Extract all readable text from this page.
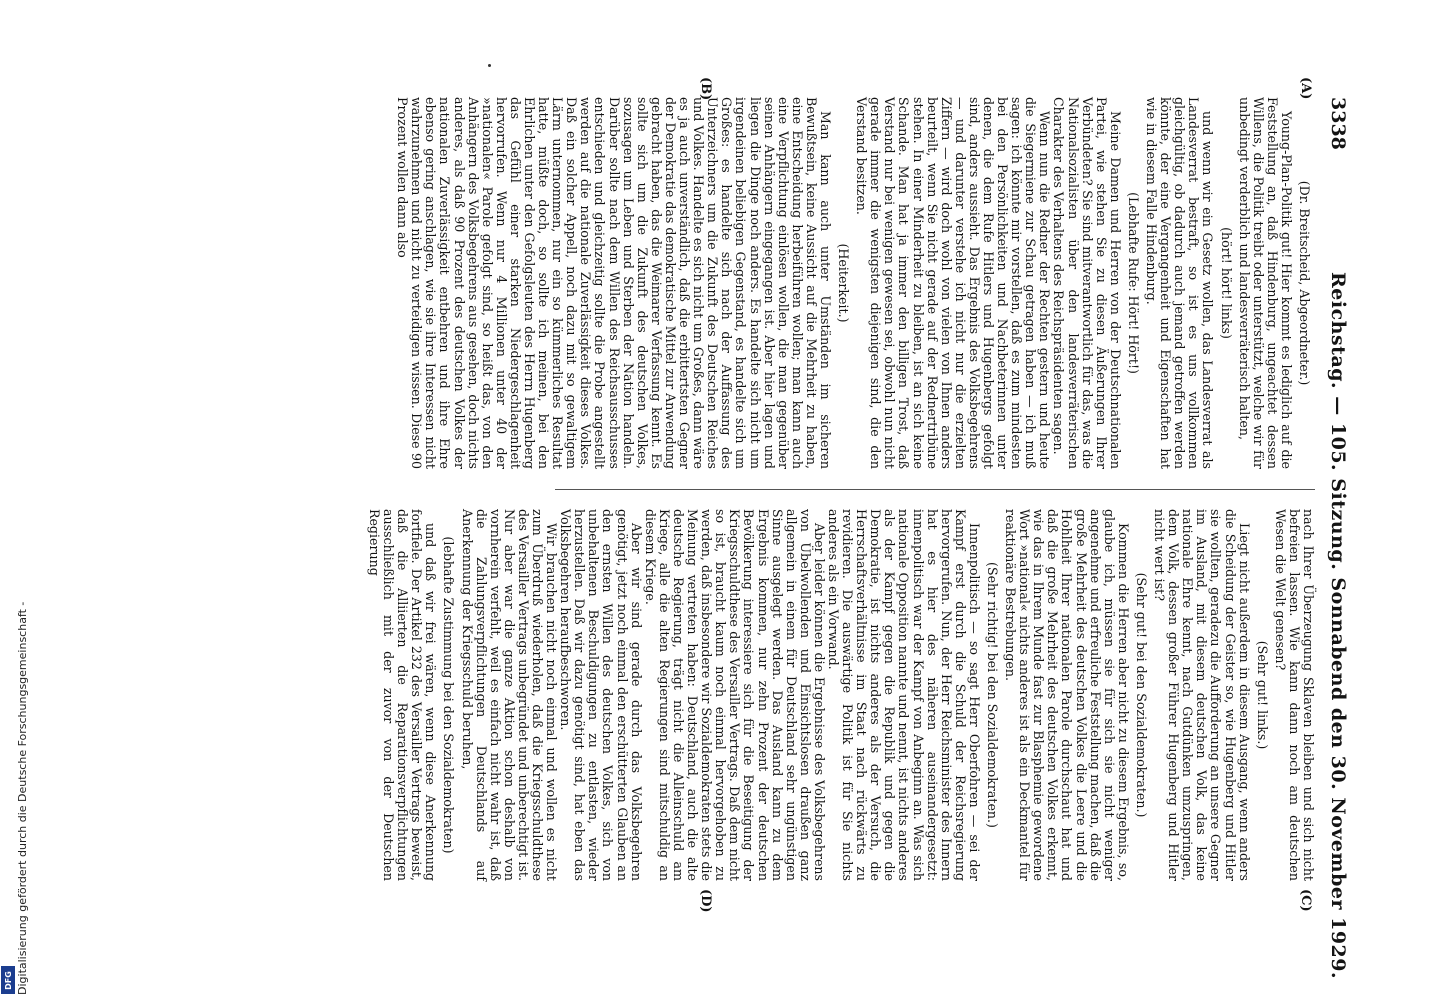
3338
Reichstag. — 105. Sitzung. Sonnabend den 30. November 1929.
(A)
(B)
(C)
(D)

(Dr. Breitscheid, Abgeordneter.)

Young-Plan-Politik gut! Hier kommt es lediglich auf die Feststellung an, daß Hindenburg, ungeachtet dessen Willens, die Politik treibt oder unterstützt, welche wir für unbedingt verderblich und landesverräterisch halten,

(hört! hört! links)

und wenn wir ein Gesetz wollen, das Landesverrat als Landesverrat bestraft, so ist es uns vollkommen gleichgültig, ob dadurch auch jemand getroffen werden könnte, der eine Vergangenheit und Eigenschaften hat wie in diesem Falle Hindenburg.

(Lebhafte Rufe: Hört! Hört!)

Meine Damen und Herren von der Deutschnationalen Partei, wie stehen Sie zu diesen Äußerungen Ihrer Verbündeten? Sie sind mitverantwortlich für das, was die Nationalsozialisten über den landesverräterischen Charakter des Verhaltens des Reichspräsidenten sagen.

Wenn nun die Redner der Rechten gestern und heute die Siegermiene zur Schau getragen haben — ich muß sagen: ich könnte mir vorstellen, daß es zum mindesten bei den Persönlichkeiten und Nachbeterinnen unter denen, die dem Rufe Hitlers und Hugenbergs gefolgt sind, anders aussieht. Das Ergebnis des Volksbegehrens — und darunter verstehe ich nicht nur die erzielten Ziffern — wird doch wohl von vielen von Ihnen anders beurteilt, wenn Sie nicht gerade auf der Rednertribüne stehen. In einer Minderheit zu bleiben, ist an sich keine Schande. Man hat ja immer den billigen Trost, daß Verstand nur bei wenigen gewesen sei, obwohl nun nicht gerade immer die wenigsten diejenigen sind, die den Verstand besitzen.

(Heiterkeit.)

Man kann auch unter Umständen im sicheren Bewußtsein, keine Aussicht auf die Mehrheit zu haben, eine Entscheidung herbeiführen wollen; man kann auch eine Verpflichtung einlösen wollen, die man gegenüber seinen Anhängern eingegangen ist. Aber hier lagen und liegen die Dinge noch anders. Es handelte sich nicht um irgendeinen beliebigen Gegenstand, es handelte sich um Großes: es handelte sich nach der Auffassung des Unterzeichners um die Zukunft des Deutschen Reiches und Volkes. Handelte es sich nicht um Großes, dann wäre es ja auch unverständlich, daß die erbittertsten Gegner der Demokratie das demokratische Mittel zur Anwendung gebracht haben, das die Weimarer Verfassung kennt. Es sollte sich um die Zukunft des deutschen Volkes, sozusagen um Leben und Sterben der Nation handeln. Darüber sollte nach dem Willen des Reichsausschusses entschieden und gleichzeitig sollte die Probe angestellt werden auf die nationale Zuverlässigkeit dieses Volkes. Daß ein solcher Appell, noch dazu mit so gewaltigem Lärm unternommen, nur ein so kümmerliches Resultat hatte, müßte doch, so sollte ich meinen, bei den Ehrlichen unter den Gefolgsleuten des Herrn Hugenberg das Gefühl einer starken Niedergeschlagenheit hervorrufen. Wenn nur 4 Millionen unter 40 der »nationalen« Parole gefolgt sind, so heißt das, von den Anhängern des Volksbegehrens aus gesehen, doch nichts anderes, als daß 90 Prozent des deutschen Volkes der nationalen Zuverlässigkeit entbehren und ihre Ehre ebenso gering anschlagen, wie sie ihre Interessen nicht wahrzunehmen und nicht zu verteidigen wissen. Diese 90 Prozent wollen dann also

nach Ihrer Überzeugung Sklaven bleiben und sich nicht befreien lassen. Wie kann dann noch am deutschen Wesen die Welt genesen?

(Sehr gut! links.)

Liegt nicht außerdem in diesem Ausgang, wenn anders die Scheidung der Geister so, wie Hugenberg und Hitler sie wollten, geradezu die Aufforderung an unsere Gegner im Ausland, mit diesem deutschen Volk, das keine nationale Ehre kennt, nach Gutdünken umzuspringen, dem Volk, dessen großer Führer Hugenberg und Hitler nicht wert ist?

(Sehr gut! bei den Sozialdemokraten.)

Kommen die Herren aber nicht zu diesem Ergebnis, so, glaube ich, müssen sie für sich sie nicht weniger angenehme und erfreuliche Feststellung machen, daß die große Mehrheit des deutschen Volkes die Leere und die Hohlheit Ihrer nationalen Parole durchschaut hat und daß die große Mehrheit des deutschen Volkes erkennt, wie das in Ihrem Munde fast zur Blasphemie gewordene Wort »national« nichts anderes ist als ein Deckmantel für reaktionäre Bestrebungen.

(Sehr richtig! bei den Sozialdemokraten.)

Innenpolitisch — so sagt Herr Oberfohren — sei der Kampf erst durch die Schuld der Reichsregierung hervorgerufen. Nun, der Herr Reichsminister des Innern hat es hier des näheren auseinandergesetzt: innenpolitisch war der Kampf von Anbeginn an. Was sich nationale Opposition nannte und nennt, ist nichts anderes als der Kampf gegen die Republik und gegen die Demokratie, ist nichts anderes als der Versuch, die Herrschaftsverhältnisse im Staat nach rückwärts zu revidieren. Die auswärtige Politik ist für Sie nichts anderes als ein Vorwand.

Aber leider können die Ergebnisse des Volksbegehrens von Übelwollenden und Einsichtslosen draußen ganz allgemein in einem für Deutschland sehr ungünstigen Sinne ausgelegt werden. Das Ausland kann zu dem Ergebnis kommen, nur zehn Prozent der deutschen Bevölkerung interessiere sich für die Beseitigung der Kriegsschuldthese des Versailler Vertrags. Daß dem nicht so ist, braucht kaum noch einmal hervorgehoben zu werden, daß insbesondere wir Sozialdemokraten stets die Meinung vertreten haben: Deutschland, auch die alte deutsche Regierung, trägt nicht die Alleinschuld am Kriege, alle die alten Regierungen sind mitschuldig an diesem Kriege.

Aber wir sind gerade durch das Volksbegehren genötigt, jetzt noch einmal den erschütterten Glauben an den ernsten Willen des deutschen Volkes, sich von unbehaltenen Beschuldigungen zu entlasten, wieder herzustellen. Daß wir dazu genötigt sind, hat eben das Volksbegehren heraufbeschworen.

Wir brauchen nicht noch einmal und wollen es nicht zum Überdruß wiederholen, daß die Kriegsschuldthese des Versailler Vertrags unbegründet und unberechtigt ist. Nur aber war die ganze Aktion schon deshalb von vornherein verfehlt, weil es einfach nicht wahr ist, daß die Zahlungsverpflichtungen Deutschlands auf Anerkennung der Kriegsschuld beruhen,

(lebhafte Zustimmung bei den Sozialdemokraten)

und daß wir frei wären, wenn diese Anerkennung fortfiele. Der Artikel 232 des Versailler Vertrags beweist, daß die Alliierten die Reparationsverpflichtungen ausschließlich mit der zuvor von der Deutschen Regierung

Digitalisierung gefördert durch die Deutsche Forschungsgemeinschaft -
DFG
